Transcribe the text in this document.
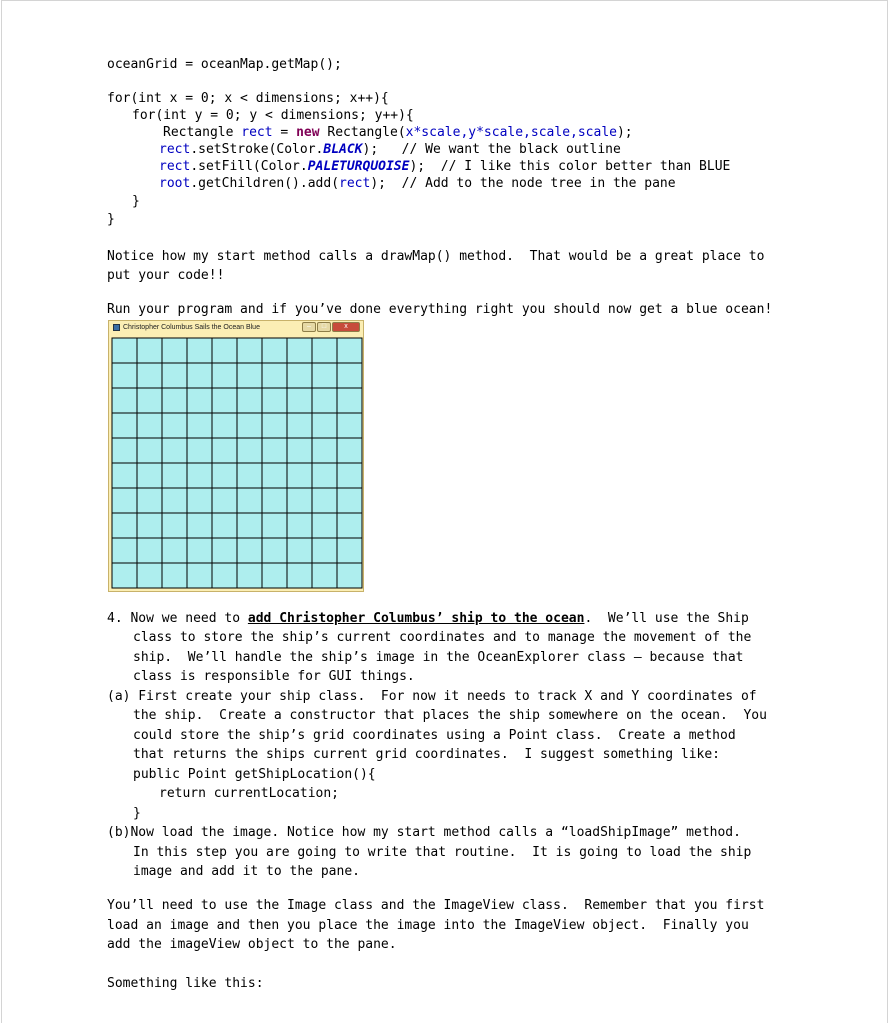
oceanGrid = oceanMap.getMap();
for(int x = 0; x < dimensions; x++){
for(int y = 0; y < dimensions; y++){
Rectangle rect = new Rectangle(x*scale,y*scale,scale,scale);
rect.setStroke(Color.BLACK);   // We want the black outline
rect.setFill(Color.PALETURQUOISE);  // I like this color better than BLUE
root.getChildren().add(rect);  // Add to the node tree in the pane
}
}
Notice how my start method calls a drawMap() method.  That would be a great place to
put your code!!
Run your program and if you’ve done everything right you should now get a blue ocean!
Christopher Columbus Sails the Ocean Blue	–	□	x
4. Now we need to add Christopher Columbus’ ship to the ocean.  We’ll use the Ship
class to store the ship’s current coordinates and to manage the movement of the
ship.  We’ll handle the ship’s image in the OceanExplorer class – because that
class is responsible for GUI things.
(a) First create your ship class.  For now it needs to track X and Y coordinates of
the ship.  Create a constructor that places the ship somewhere on the ocean.  You
could store the ship’s grid coordinates using a Point class.  Create a method
that returns the ships current grid coordinates.  I suggest something like:
public Point getShipLocation(){
return currentLocation;
}
(b)Now load the image. Notice how my start method calls a “loadShipImage” method.
In this step you are going to write that routine.  It is going to load the ship
image and add it to the pane.
You’ll need to use the Image class and the ImageView class.  Remember that you first
load an image and then you place the image into the ImageView object.  Finally you
add the imageView object to the pane.
Something like this:
